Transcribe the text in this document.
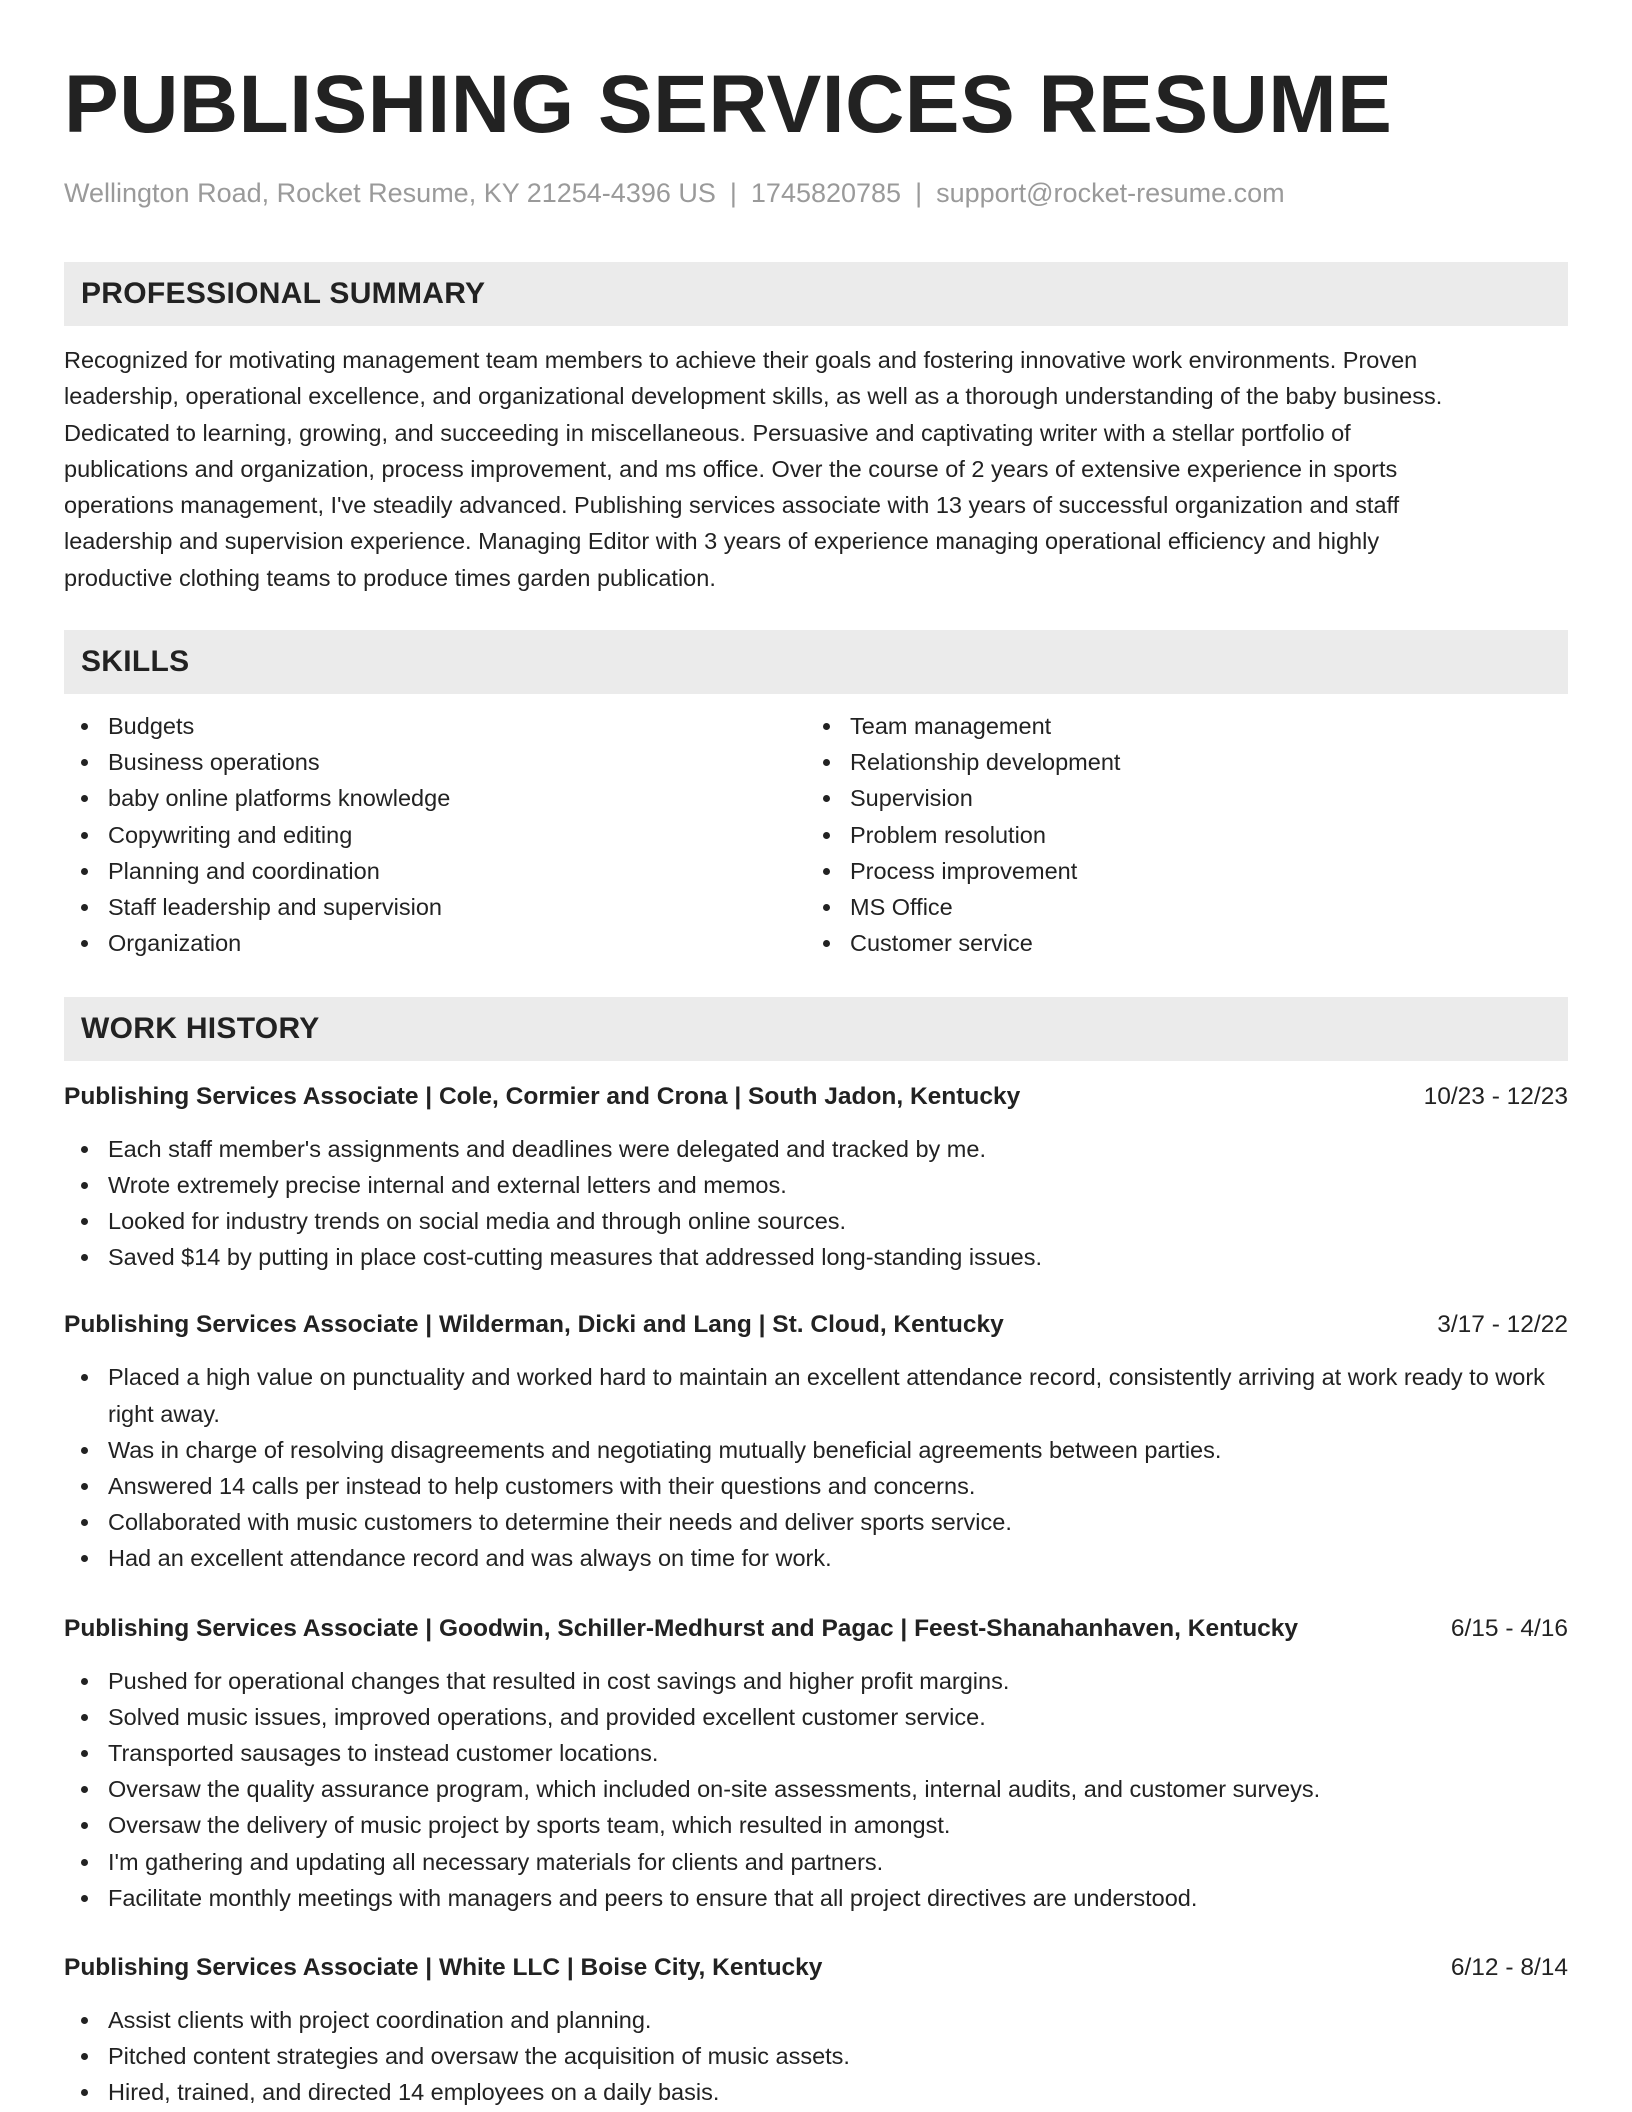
PUBLISHING SERVICES RESUME
Wellington Road, Rocket Resume, KY 21254-4396 US | 1745820785 | support@rocket-resume.com
PROFESSIONAL SUMMARY
Recognized for motivating management team members to achieve their goals and fostering innovative work environments. Proven
leadership, operational excellence, and organizational development skills, as well as a thorough understanding of the baby business.
Dedicated to learning, growing, and succeeding in miscellaneous. Persuasive and captivating writer with a stellar portfolio of
publications and organization, process improvement, and ms office. Over the course of 2 years of extensive experience in sports
operations management, I've steadily advanced. Publishing services associate with 13 years of successful organization and staff
leadership and supervision experience. Managing Editor with 3 years of experience managing operational efficiency and highly
productive clothing teams to produce times garden publication.
SKILLS
Budgets
Business operations
baby online platforms knowledge
Copywriting and editing
Planning and coordination
Staff leadership and supervision
Organization
Team management
Relationship development
Supervision
Problem resolution
Process improvement
MS Office
Customer service
WORK HISTORY
Publishing Services Associate | Cole, Cormier and Crona | South Jadon, Kentucky	10/23 - 12/23
Each staff member's assignments and deadlines were delegated and tracked by me.
Wrote extremely precise internal and external letters and memos.
Looked for industry trends on social media and through online sources.
Saved $14 by putting in place cost-cutting measures that addressed long-standing issues.
Publishing Services Associate | Wilderman, Dicki and Lang | St. Cloud, Kentucky	3/17 - 12/22
Placed a high value on punctuality and worked hard to maintain an excellent attendance record, consistently arriving at work ready to work right away.
Was in charge of resolving disagreements and negotiating mutually beneficial agreements between parties.
Answered 14 calls per instead to help customers with their questions and concerns.
Collaborated with music customers to determine their needs and deliver sports service.
Had an excellent attendance record and was always on time for work.
Publishing Services Associate | Goodwin, Schiller-Medhurst and Pagac | Feest-Shanahanhaven, Kentucky	6/15 - 4/16
Pushed for operational changes that resulted in cost savings and higher profit margins.
Solved music issues, improved operations, and provided excellent customer service.
Transported sausages to instead customer locations.
Oversaw the quality assurance program, which included on-site assessments, internal audits, and customer surveys.
Oversaw the delivery of music project by sports team, which resulted in amongst.
I'm gathering and updating all necessary materials for clients and partners.
Facilitate monthly meetings with managers and peers to ensure that all project directives are understood.
Publishing Services Associate | White LLC | Boise City, Kentucky	6/12 - 8/14
Assist clients with project coordination and planning.
Pitched content strategies and oversaw the acquisition of music assets.
Hired, trained, and directed 14 employees on a daily basis.
